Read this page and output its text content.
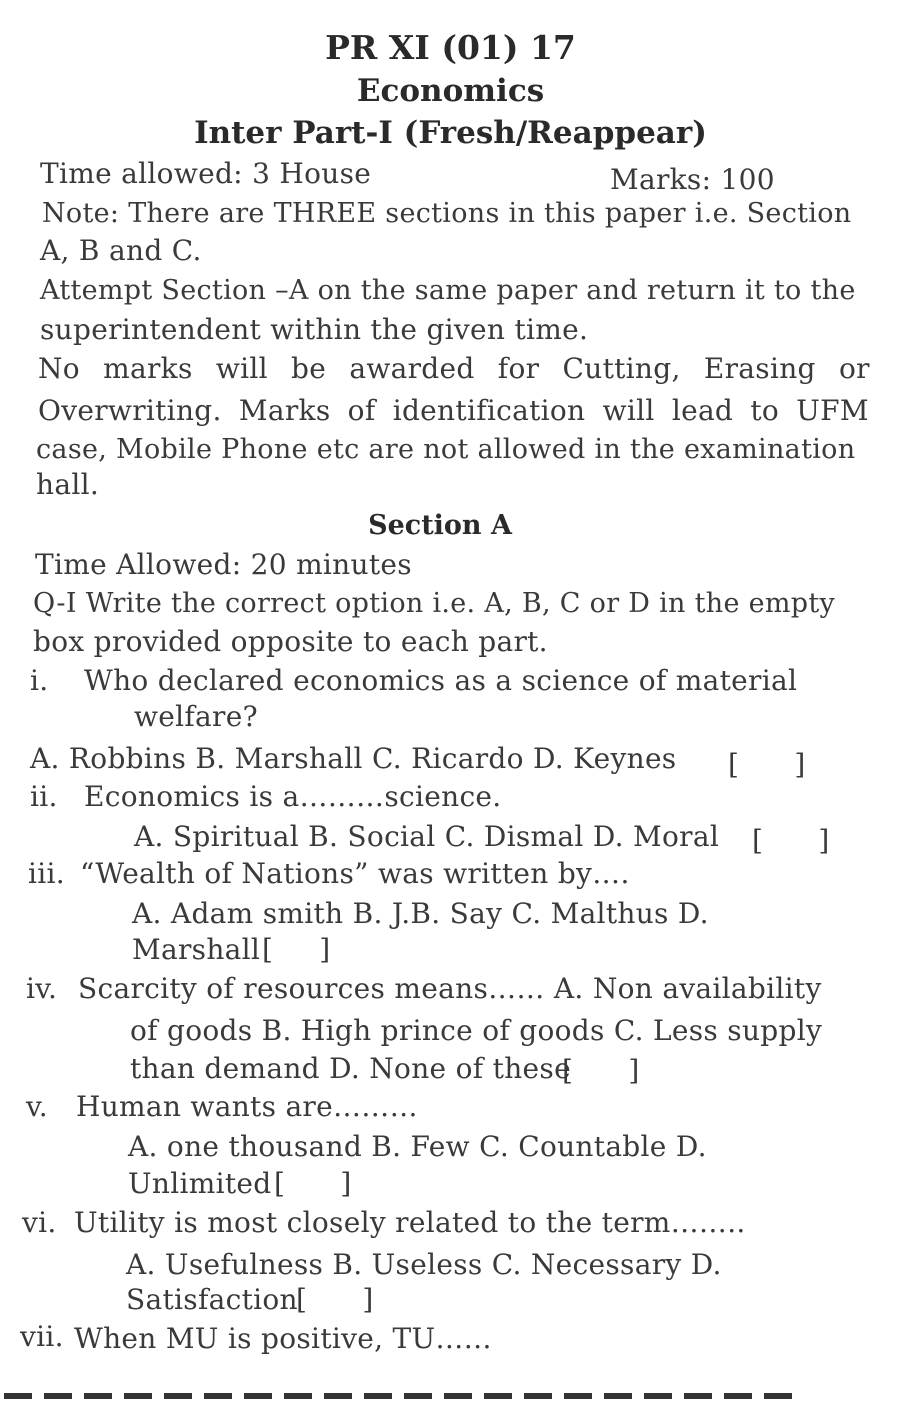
PR XI (01) 17
Economics
Inter Part-I (Fresh/Reappear)
Time allowed: 3 House	Marks: 100
Note: There are THREE sections in this paper i.e. Section
A, B and C.
Attempt Section –A on the same paper and return it to the
superintendent within the given time.
No marks will be awarded for Cutting, Erasing or
Overwriting. Marks of identification will lead to UFM
case, Mobile Phone etc are not allowed in the examination
hall.
Section A
Time Allowed: 20 minutes
Q-I Write the correct option i.e. A, B, C or D in the empty
box provided opposite to each part.
i. Who declared economics as a science of material
welfare?
A. Robbins B. Marshall C. Ricardo D. Keynes [      ]
ii. Economics is a………science.
A. Spiritual B. Social C. Dismal D. Moral [      ]
iii. “Wealth of Nations” was written by….
A. Adam smith B. J.B. Say C. Malthus D.
Marshall [     ]
iv. Scarcity of resources means…… A. Non availability
of goods B. High prince of goods C. Less supply
than demand D. None of these
[      ]
v. Human wants are………
A. one thousand B. Few C. Countable D.
Unlimited [      ]
vi. Utility is most closely related to the term……..
A. Usefulness B. Useless C. Necessary D.
Satisfaction
[      ]
vii. When MU is positive, TU……
